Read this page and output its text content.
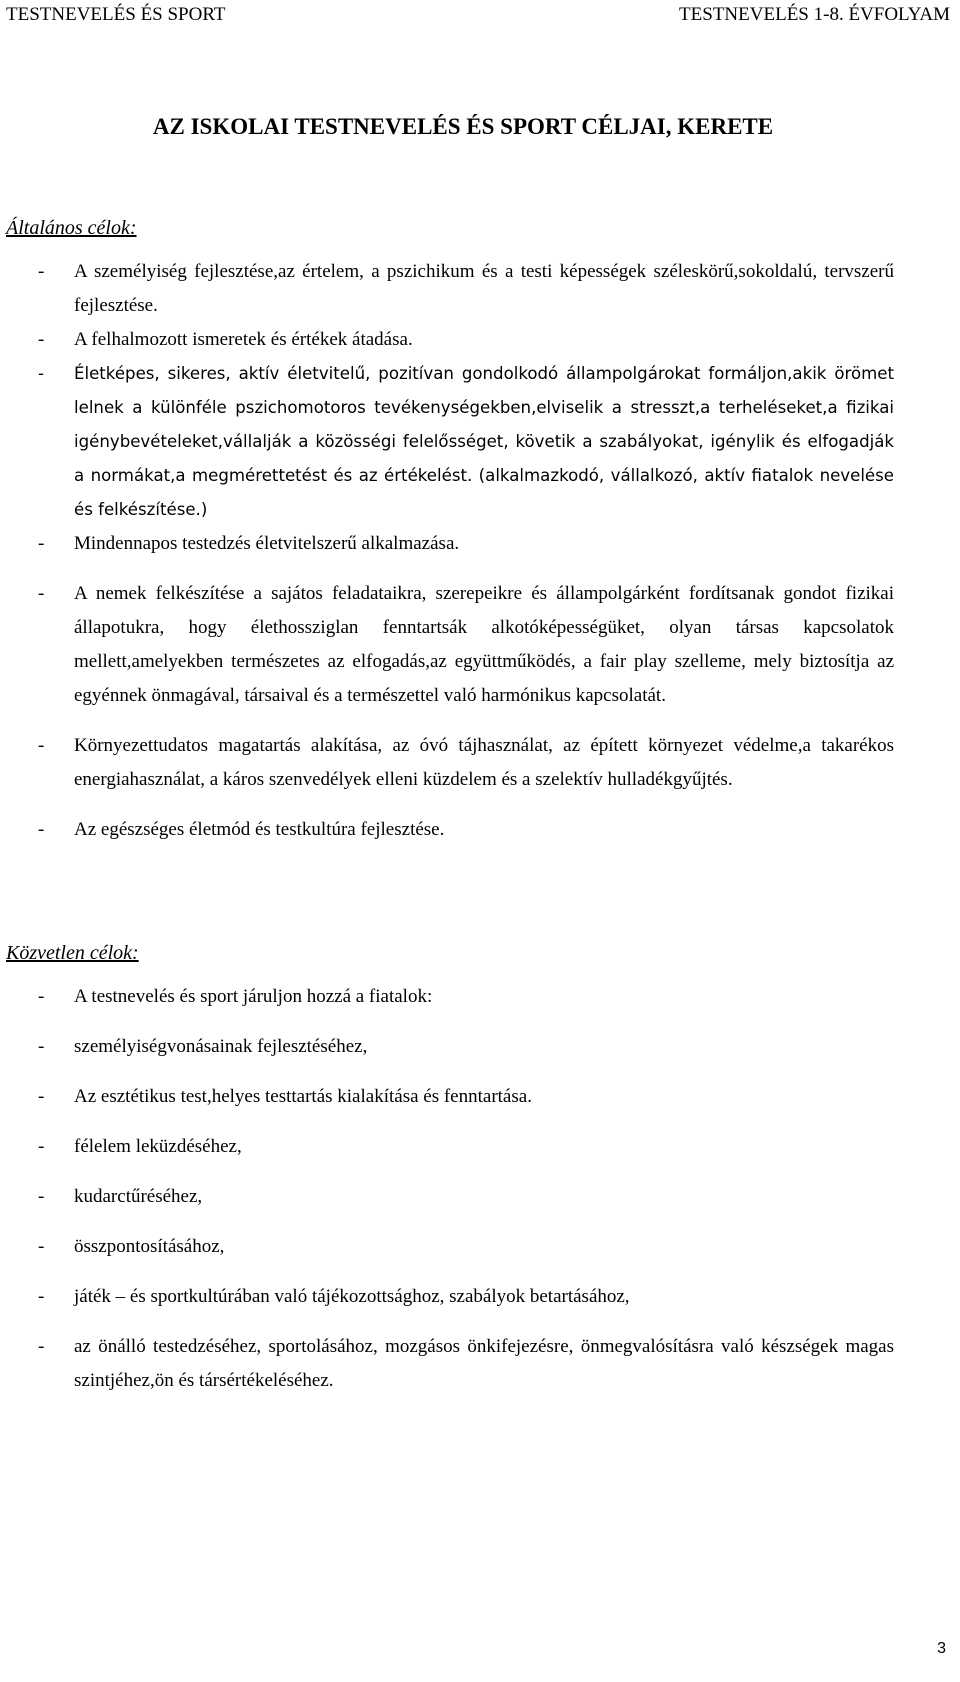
TESTNEVELÉS ÉS SPORT	TESTNEVELÉS 1-8. ÉVFOLYAM
AZ ISKOLAI TESTNEVELÉS ÉS SPORT CÉLJAI, KERETE
Általános célok:
- A személyiség fejlesztése,az értelem, a pszichikum és a testi képességek széleskörű,sokoldalú, tervszerű fejlesztése.
- A felhalmozott ismeretek és értékek átadása.
- Életképes, sikeres, aktív életvitelű, pozitívan gondolkodó állampolgárokat formáljon,akik örömet lelnek a különféle pszichomotoros tevékenységekben,elviselik a stresszt,a terheléseket,a fizikai igénybevételeket,vállalják a közösségi felelősséget, követik a szabályokat, igénylik és elfogadják a normákat,a megmérettetést és az értékelést. (alkalmazkodó, vállalkozó, aktív fiatalok nevelése és felkészítése.)
- Mindennapos testedzés életvitelszerű alkalmazása.
- A nemek felkészítése a sajátos feladataikra, szerepeikre és állampolgárként fordítsanak gondot fizikai állapotukra, hogy élethossziglan fenntartsák alkotóképességüket, olyan társas kapcsolatok mellett,amelyekben természetes az elfogadás,az együttműködés, a fair play szelleme, mely biztosítja az egyénnek önmagával, társaival és a természettel való harmónikus kapcsolatát.
- Környezettudatos magatartás alakítása, az óvó tájhasználat, az épített környezet védelme,a takarékos energiahasználat, a káros szenvedélyek elleni küzdelem és a szelektív hulladékgyűjtés.
- Az egészséges életmód és testkultúra fejlesztése.
Közvetlen célok:
- A testnevelés és sport járuljon hozzá a fiatalok:
- személyiségvonásainak fejlesztéséhez,
- Az esztétikus test,helyes testtartás kialakítása és fenntartása.
- félelem leküzdéséhez,
- kudarctűréséhez,
- összpontosításához,
- játék – és sportkultúrában való tájékozottsághoz, szabályok betartásához,
- az önálló testedzéséhez, sportolásához, mozgásos önkifejezésre, önmegvalósításra való készségek magas szintjéhez,ön és társértékeléséhez.
3
